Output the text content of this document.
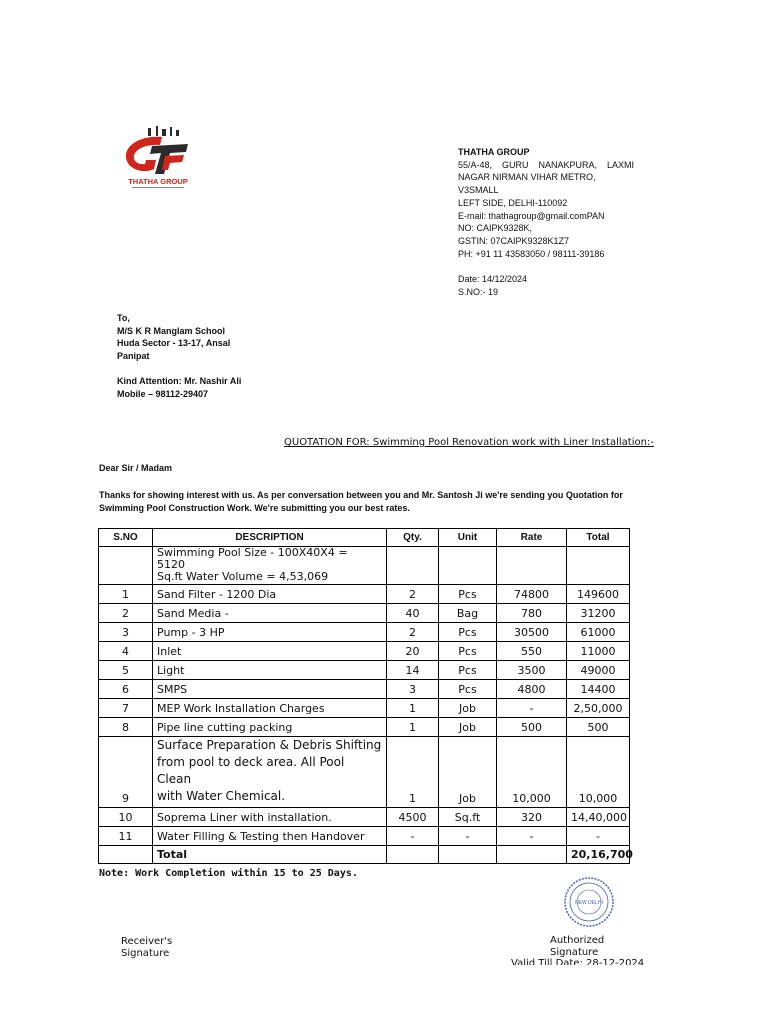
THATHA GROUP
THATHA GROUP
55/A-48, GURU NANAKPURA, LAXMI
NAGAR NIRMAN VIHAR METRO, V3SMALL
LEFT SIDE, DELHI-110092
E-mail: thathagroup@gmail.comPAN
NO: CAIPK9328K,
GSTIN: 07CAIPK9328K1Z7
PH: +91 11 43583050 / 98111-39186
Date: 14/12/2024
S.NO:- 19
To,
M/S K R Manglam School
Huda Sector - 13-17, Ansal
Panipat
Kind Attention: Mr. Nashir Ali
Mobile – 98112-29407
QUOTATION FOR: Swimming Pool Renovation work with Liner Installation:-
Dear Sir / Madam
Thanks for showing interest with us. As per conversation between you and Mr. Santosh Ji we're sending you Quotation for
Swimming Pool Construction Work. We're submitting you our best rates.
S.NO	DESCRIPTION	Qty.	Unit	Rate	Total

	Swimming Pool Size - 100X40X4 =
5120
Sq.ft Water Volume = 4,53,069				

1	Sand Filter - 1200 Dia	2	Pcs	74800	149600
2	Sand Media -	40	Bag	780	31200
3	Pump - 3 HP	2	Pcs	30500	61000
4	Inlet	20	Pcs	550	11000
5	Light	14	Pcs	3500	49000
6	SMPS	3	Pcs	4800	14400
7	MEP Work Installation Charges	1	Job	-	2,50,000
8	Pipe line cutting packing	1	Job	500	500
9	Surface Preparation & Debris Shifting
from pool to deck area. All Pool Clean
with Water Chemical.	1	Job	10,000	10,000
10	Soprema Liner with installation.	4500	Sq.ft	320	14,40,000
11	Water Filling & Testing then Handover	-	-	-	-
	Total				20,16,700
Note: Work Completion within 15 to 25 Days.
NEW DELHI
Receiver's
Signature
Authorized
Signature
Valid Till Date: 28-12-2024
